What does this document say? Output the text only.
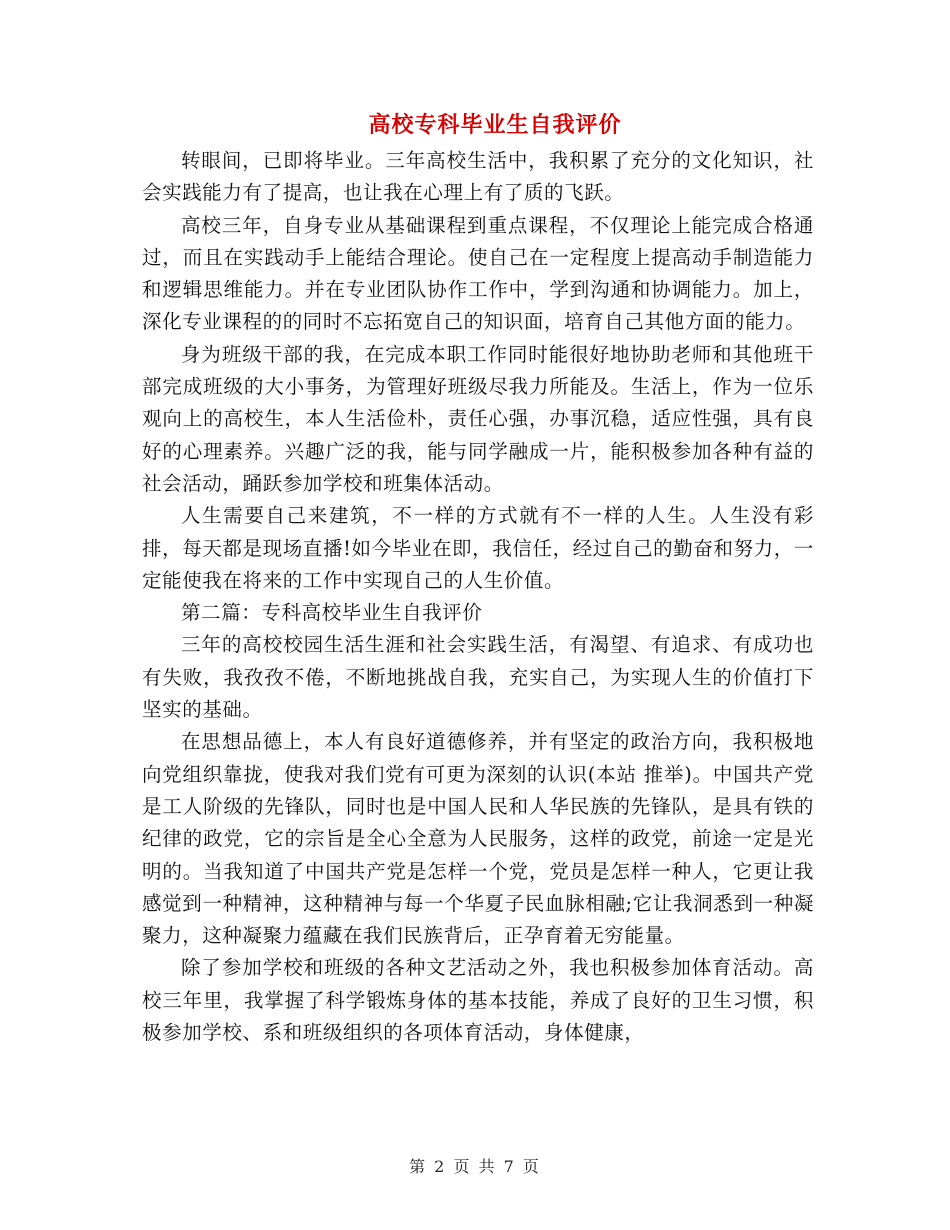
高校专科毕业生自我评价

转眼间，已即将毕业。三年高校生活中，我积累了充分的文化知识，社会实践能力有了提高，也让我在心理上有了质的飞跃。

高校三年，自身专业从基础课程到重点课程，不仅理论上能完成合格通过，而且在实践动手上能结合理论。使自己在一定程度上提高动手制造能力和逻辑思维能力。并在专业团队协作工作中，学到沟通和协调能力。加上，深化专业课程的的同时不忘拓宽自己的知识面，培育自己其他方面的能力。

身为班级干部的我，在完成本职工作同时能很好地协助老师和其他班干部完成班级的大小事务，为管理好班级尽我力所能及。生活上，作为一位乐观向上的高校生，本人生活俭朴，责任心强，办事沉稳，适应性强，具有良好的心理素养。兴趣广泛的我，能与同学融成一片，能积极参加各种有益的社会活动，踊跃参加学校和班集体活动。

人生需要自己来建筑，不一样的方式就有不一样的人生。人生没有彩排，每天都是现场直播!如今毕业在即，我信任，经过自己的勤奋和努力，一定能使我在将来的工作中实现自己的人生价值。

第二篇：专科高校毕业生自我评价

三年的高校校园生活生涯和社会实践生活，有渴望、有追求、有成功也有失败，我孜孜不倦，不断地挑战自我，充实自己，为实现人生的价值打下坚实的基础。

在思想品德上，本人有良好道德修养，并有坚定的政治方向，我积极地向党组织靠拢，使我对我们党有可更为深刻的认识(本站 推举)。中国共产党是工人阶级的先锋队，同时也是中国人民和人华民族的先锋队，是具有铁的纪律的政党，它的宗旨是全心全意为人民服务，这样的政党，前途一定是光明的。当我知道了中国共产党是怎样一个党，党员是怎样一种人，它更让我感觉到一种精神，这种精神与每一个华夏子民血脉相融;它让我洞悉到一种凝聚力，这种凝聚力蕴藏在我们民族背后，正孕育着无穷能量。

除了参加学校和班级的各种文艺活动之外，我也积极参加体育活动。高校三年里，我掌握了科学锻炼身体的基本技能，养成了良好的卫生习惯，积极参加学校、系和班级组织的各项体育活动，身体健康，

第 2 页 共 7 页
